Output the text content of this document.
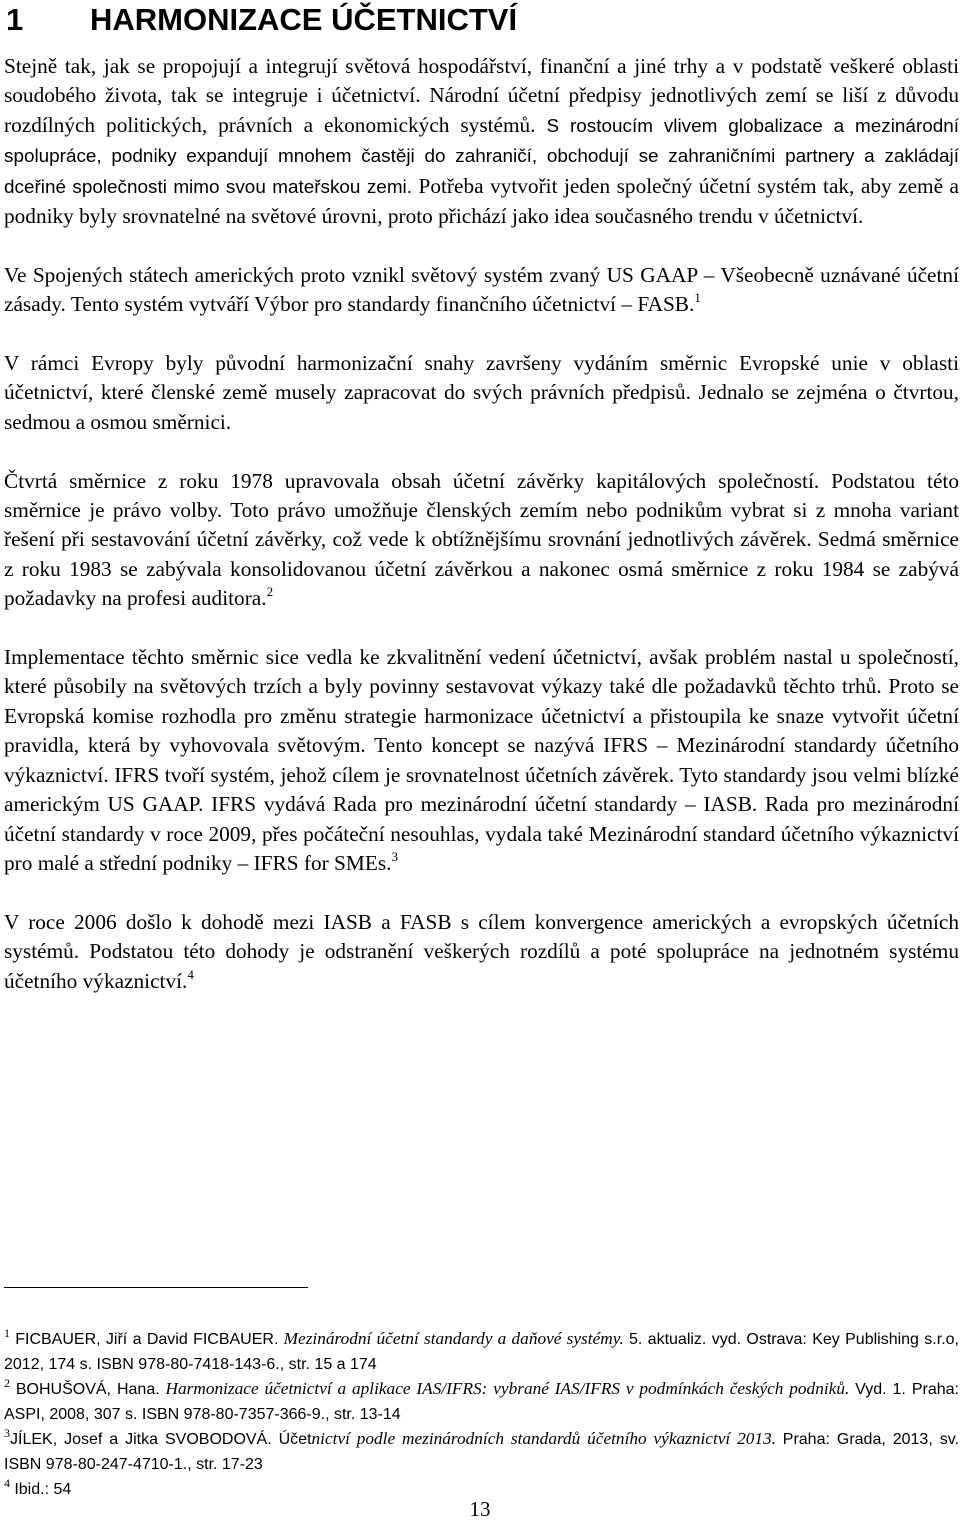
1 HARMONIZACE ÚČETNICTVÍ

Stejně tak, jak se propojují a integrují světová hospodářství, finanční a jiné trhy a v podstatě veškeré oblasti soudobého života, tak se integruje i účetnictví. Národní účetní předpisy jednotlivých zemí se liší z důvodu rozdílných politických, právních a ekonomických systémů. S rostoucím vlivem globalizace a mezinárodní spolupráce, podniky expandují mnohem častěji do zahraničí, obchodují se zahraničními partnery a zakládají dceřiné společnosti mimo svou mateřskou zemi. Potřeba vytvořit jeden společný účetní systém tak, aby země a podniky byly srovnatelné na světové úrovni, proto přichází jako idea současného trendu v účetnictví.

Ve Spojených státech amerických proto vznikl světový systém zvaný US GAAP – Všeobecně uznávané účetní zásady. Tento systém vytváří Výbor pro standardy finančního účetnictví – FASB.$^1$

V rámci Evropy byly původní harmonizační snahy završeny vydáním směrnic Evropské unie v oblasti účetnictví, které členské země musely zapracovat do svých právních předpisů. Jednalo se zejména o čtvrtou, sedmou a osmou směrnici.

Čtvrtá směrnice z roku 1978 upravovala obsah účetní závěrky kapitálových společností. Podstatou této směrnice je právo volby. Toto právo umožňuje členských zemím nebo podnikům vybrat si z mnoha variant řešení při sestavování účetní závěrky, což vede k obtížnějšímu srovnání jednotlivých závěrek. Sedmá směrnice z roku 1983 se zabývala konsolidovanou účetní závěrkou a nakonec osmá směrnice z roku 1984 se zabývá požadavky na profesi auditora.$^2$

Implementace těchto směrnic sice vedla ke zkvalitnění vedení účetnictví, avšak problém nastal u společností, které působily na světových trzích a byly povinny sestavovat výkazy také dle požadavků těchto trhů. Proto se Evropská komise rozhodla pro změnu strategie harmonizace účetnictví a přistoupila ke snaze vytvořit účetní pravidla, která by vyhovovala světovým. Tento koncept se nazývá IFRS – Mezinárodní standardy účetního výkaznictví. IFRS tvoří systém, jehož cílem je srovnatelnost účetních závěrek. Tyto standardy jsou velmi blízké americkým US GAAP. IFRS vydává Rada pro mezinárodní účetní standardy – IASB. Rada pro mezinárodní účetní standardy v roce 2009, přes počáteční nesouhlas, vydala také Mezinárodní standard účetního výkaznictví pro malé a střední podniky – IFRS for SMEs.$^3$

V roce 2006 došlo k dohodě mezi IASB a FASB s cílem konvergence amerických a evropských účetních systémů. Podstatou této dohody je odstranění veškerých rozdílů a poté spolupráce na jednotném systému účetního výkaznictví.$^4$

$^1$ FICBAUER, Jiří a David FICBAUER. Mezinárodní účetní standardy a daňové systémy. 5. aktualiz. vyd. Ostrava: Key Publishing s.r.o, 2012, 174 s. ISBN 978-80-7418-143-6., str. 15 a 174

$^2$ BOHUŠOVÁ, Hana. Harmonizace účetnictví a aplikace IAS/IFRS: vybrané IAS/IFRS v podmínkách českých podniků. Vyd. 1. Praha: ASPI, 2008, 307 s. ISBN 978-80-7357-366-9., str. 13-14

$^3$JÍLEK, Josef a Jitka SVOBODOVÁ. Účetnictví podle mezinárodních standardů účetního výkaznictví 2013. Praha: Grada, 2013, sv. ISBN 978-80-247-4710-1., str. 17-23

$^4$ Ibid.: 54

13
